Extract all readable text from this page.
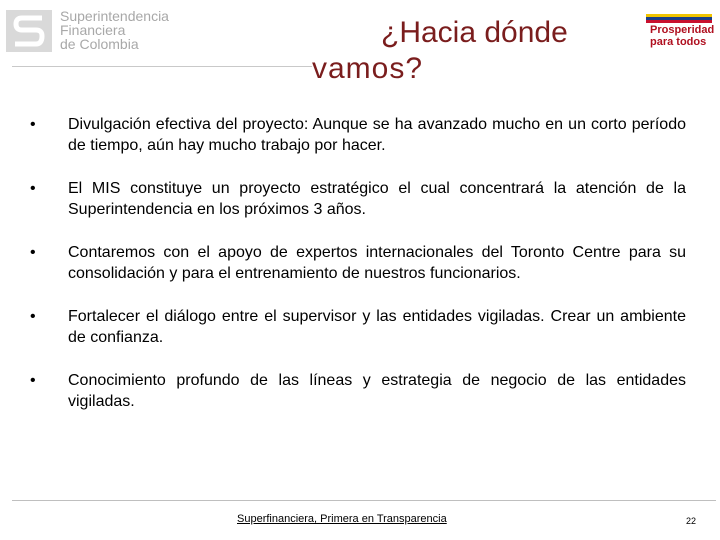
Superintendencia
Financiera
de Colombia	¿Hacia dónde
vamos?
Prosperidad
para todos
• Divulgación efectiva del proyecto: Aunque se ha avanzado mucho en un corto período de tiempo, aún hay mucho trabajo por hacer.
• El MIS constituye un proyecto estratégico el cual concentrará la atención de la Superintendencia en los próximos 3 años.
• Contaremos con el apoyo de expertos internacionales del Toronto Centre para su consolidación y para el entrenamiento de nuestros funcionarios.
• Fortalecer el diálogo entre el supervisor y las entidades vigiladas. Crear un ambiente de confianza.
• Conocimiento profundo de las líneas y estrategia de negocio de las entidades vigiladas.
Superfinanciera, Primera en Transparencia	22
